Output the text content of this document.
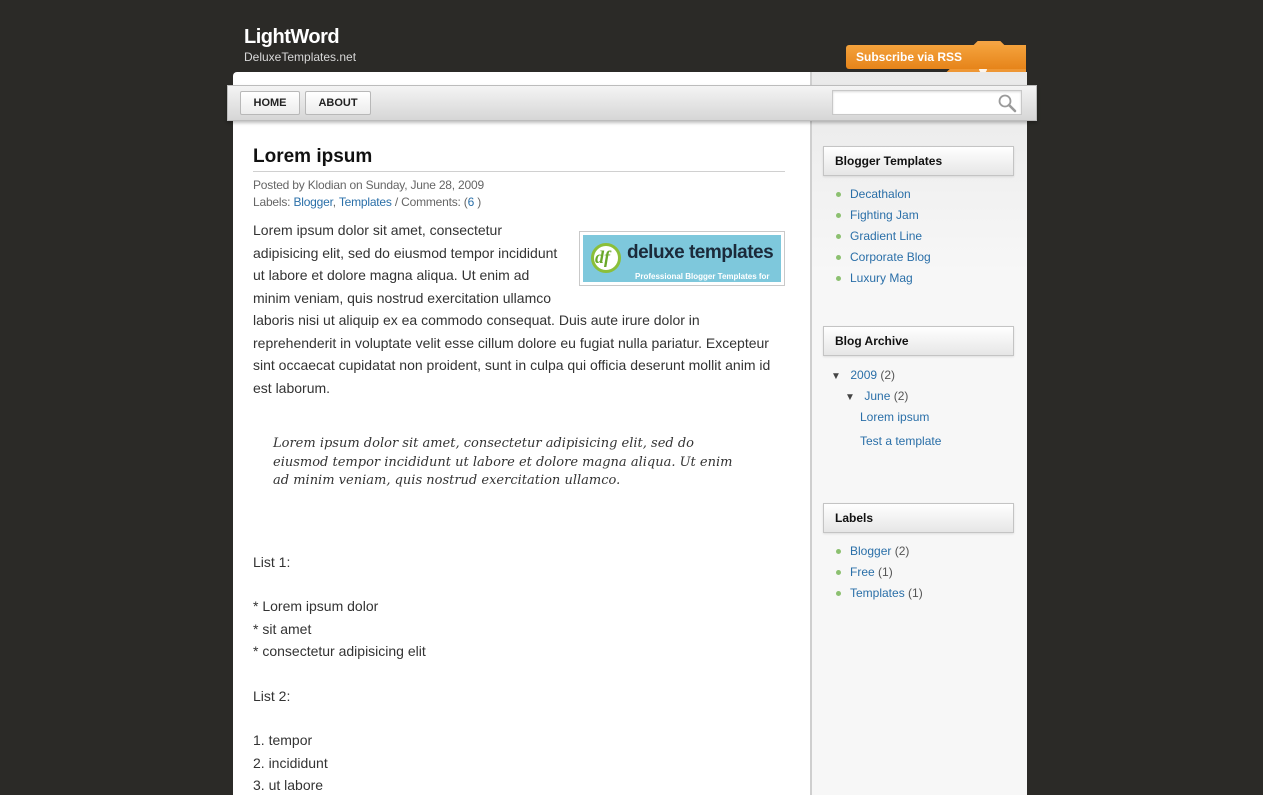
LightWord
DeluxeTemplates.net	Subscribe via RSS
HOME	ABOUT
Lorem ipsum
Posted by Klodian on Sunday, June 28, 2009
Labels: Blogger, Templates / Comments: (6 )
df deluxe templates
Professional Blogger Templates for Free

Lorem ipsum dolor sit amet, consectetur adipisicing elit, sed do eiusmod tempor incididunt ut labore et dolore magna aliqua. Ut enim ad minim veniam, quis nostrud exercitation ullamco laboris nisi ut aliquip ex ea commodo consequat. Duis aute irure dolor in reprehenderit in voluptate velit esse cillum dolore eu fugiat nulla pariatur. Excepteur sint occaecat cupidatat non proident, sunt in culpa qui officia deserunt mollit anim id est laborum.

Lorem ipsum dolor sit amet, consectetur adipisicing elit, sed do eiusmod tempor incididunt ut labore et dolore magna aliqua. Ut enim ad minim veniam, quis nostrud exercitation ullamco.
List 1:
* Lorem ipsum dolor
* sit amet
* consectetur adipisicing elit
List 2:
1. tempor
2. incididunt
3. ut labore
Blogger Templates
Decathalon
Fighting Jam
Gradient Line
Corporate Blog
Luxury Mag
Blog Archive
▼ 2009 (2)
▼ June (2)
Lorem ipsum
Test a template
Labels
Blogger (2)
Free (1)
Templates (1)
